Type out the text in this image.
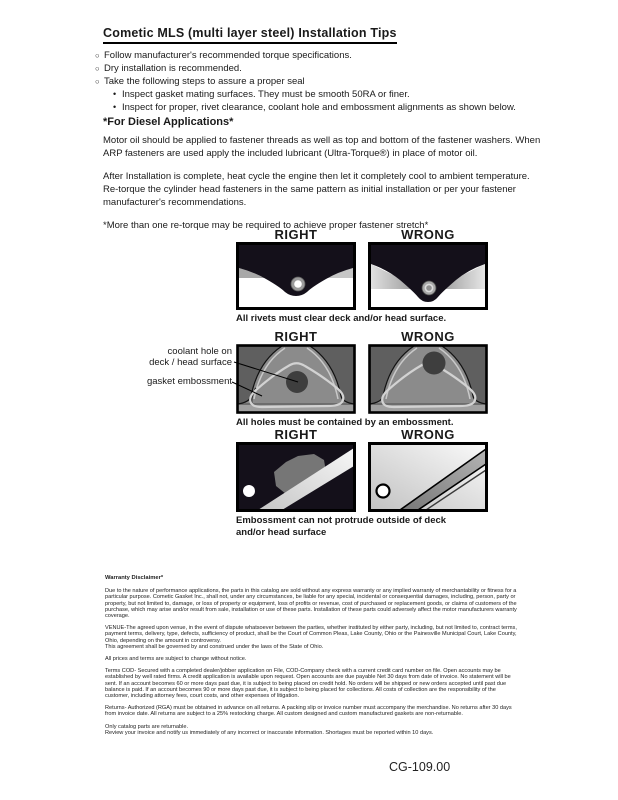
Cometic MLS (multi layer steel) Installation Tips
○ Follow manufacturer's recommended torque specifications.
○ Dry installation is recommended.
○ Take the following steps to assure a proper seal
• Inspect gasket mating surfaces. They must be smooth 50RA or finer.
• Inspect for proper, rivet clearance, coolant hole and embossment alignments as shown below.
*For Diesel Applications*

Motor oil should be applied to fastener threads as well as top and bottom of the fastener washers. When ARP fasteners are used apply the included lubricant (Ultra-Torque®) in place of motor oil.

After Installation is complete, heat cycle the engine then let it completely cool to ambient temperature. Re-torque the cylinder head fasteners in the same pattern as initial installation or per your fastener manufacturer's recommendations.

*More than one re-torque may be required to achieve proper fastener stretch*

RIGHT	WRONG
All rivets must clear deck and/or head surface.
RIGHT	WRONG
All holes must be contained by an embossment.
coolant hole on
deck / head surface
gasket embossment
RIGHT	WRONG
Embossment can not protrude outside of deck and/or head surface

Warranty Disclaimer*

Due to the nature of performance applications, the parts in this catalog are sold without any express warranty or any implied warranty of merchantability or fitness for a particular purpose. Cometic Gasket Inc., shall not, under any circumstances, be liable for any special, incidental or consequential damages, including, person, party or property, but not limited to, damage, or loss of property or equipment, loss of profits or revenue, cost of purchased or replacement goods, or claims of customers of the purchase, which may arise and/or result from sale, installation or use of these parts. Installation of these parts could adversely affect the motor manufacturers warranty coverage.

VENUE-The agreed upon venue, in the event of dispute whatsoever between the parties, whether instituted by either party, including, but not limited to, contract terms, payment terms, delivery, type, defects, sufficiency of product, shall be the Court of Common Pleas, Lake County, Ohio or the Painesville Municipal Court, Lake County, Ohio, depending on the amount in controversy.

This agreement shall be governed by and construed under the laws of the State of Ohio.

All prices and terms are subject to change without notice.

Terms COD- Secured with a completed dealer/jobber application on File, COD-Company check with a current credit card number on file. Open accounts may be established by well rated firms. A credit application is available upon request. Open accounts are due payable Net 30 days from date of invoice. No statement will be sent. If an account becomes 60 or more days past due, it is subject to being placed on credit hold. No orders will be shipped or new orders accepted until past due balance is paid. If an account becomes 90 or more days past due, it is subject to being placed for collections. All costs of collection are the responsibility of the customer, including attorney fees, court costs, and other expenses of litigation.

Returns- Authorized (RGA) must be obtained in advance on all returns. A packing slip or invoice number must accompany the merchandise. No returns after 30 days from invoice date. All returns are subject to a 25% restocking charge. All custom designed and custom manufactured gaskets are non-returnable.

Only catalog parts are returnable.

Review your invoice and notify us immediately of any incorrect or inaccurate information. Shortages must be reported within 10 days.

CG-109.00
